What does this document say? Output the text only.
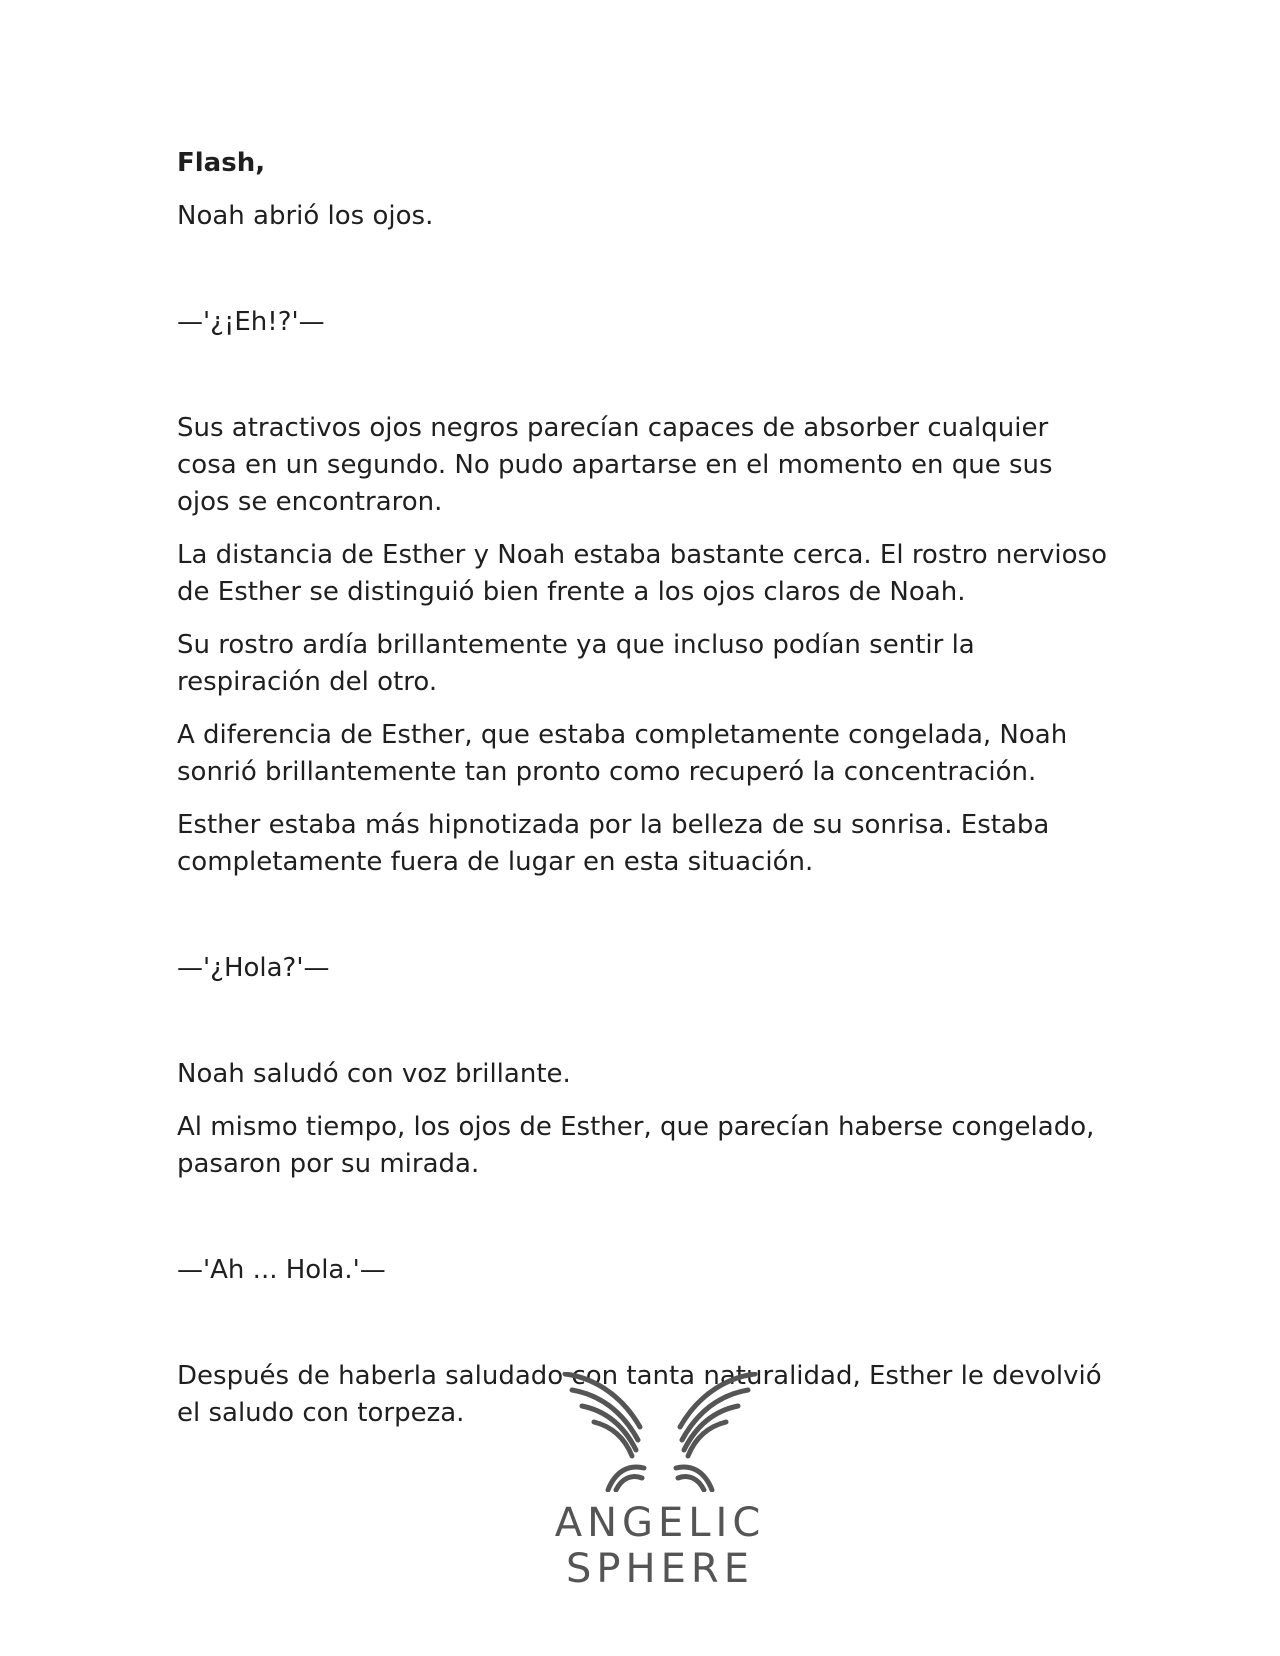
Flash,

Noah abrió los ojos.

—'¿¡Eh!?'—

Sus atractivos ojos negros parecían capaces de absorber cualquier cosa en un segundo. No pudo apartarse en el momento en que sus ojos se encontraron.

La distancia de Esther y Noah estaba bastante cerca. El rostro nervioso de Esther se distinguió bien frente a los ojos claros de Noah.

Su rostro ardía brillantemente ya que incluso podían sentir la respiración del otro.

A diferencia de Esther, que estaba completamente congelada, Noah sonrió brillantemente tan pronto como recuperó la concentración.

Esther estaba más hipnotizada por la belleza de su sonrisa. Estaba completamente fuera de lugar en esta situación.

—'¿Hola?'—

Noah saludó con voz brillante.

Al mismo tiempo, los ojos de Esther, que parecían haberse congelado, pasaron por su mirada.

—'Ah ... Hola.'—

Después de haberla saludado con tanta naturalidad, Esther le devolvió el saludo con torpeza.

ANGELIC SPHERE
